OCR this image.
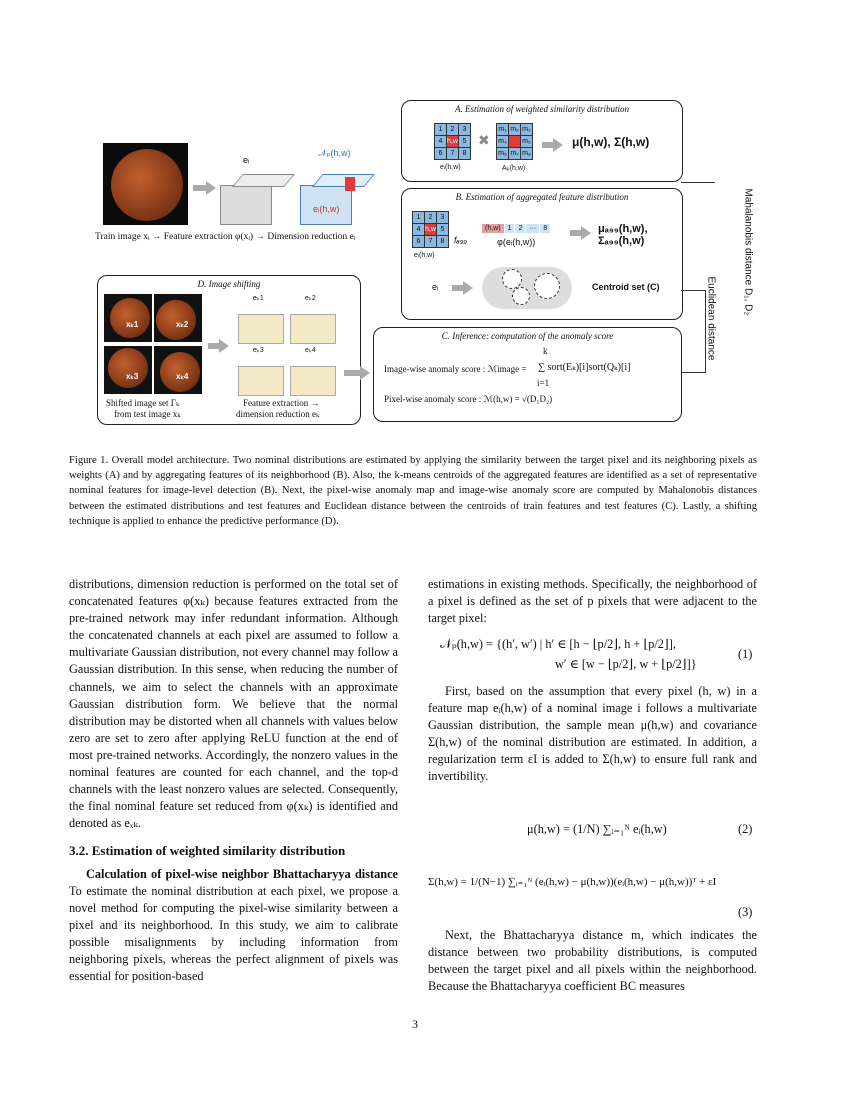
eᵢ
𝒩ₚ(h,w)
eᵢ(h,w)
Train image xᵢ → Feature extraction φ(xᵢ) → Dimension reduction eᵢ
A. Estimation of weighted similarity distribution
1	2	3
4 h,w 5
6	7	8
✖
m₁ m₂ m₃
m₄ m₅
m₆ m₇ m₈
eᵢ(h,w)	Aₚ(h,w)
μ(h,w), Σ(h,w)
B. Estimation of aggregated feature distribution
1	2	3
4 h,w 5
6	7	8
eᵢ(h,w)
fₐ₉₉
(h,w)	1	2	···	8
φ(eᵢ(h,w))
μₐ₉₉(h,w), Σₐ₉₉(h,w)
eᵢ	Centroid set (C)	Mahalanobis distance D₁, D₂
Euclidean distance
D. Image shifting
xₖ1	xₖ2
xₖ3	xₖ4
Shifted image set Γₖ
from test image xₖ
eₖ1	eₖ2
eₖ3	eₖ4
Feature extraction →
dimension reduction eₖ
C. Inference: computation of the anomaly score
Image-wise anomaly score : ℳimage =
k
∑ sort(Eₖ)[i]sort(Qₖ)[i]
i=1
Pixel-wise anomaly score : ℳ(h,w) = √(D₁D₂)
Figure 1. Overall model architecture. Two nominal distributions are estimated by applying the similarity between the target pixel and its neighboring pixels as weights (A) and by aggregating features of its neighborhood (B). Also, the k-means centroids of the aggregated features are identified as a set of representative nominal features for image-level detection (B). Next, the pixel-wise anomaly map and image-wise anomaly score are computed by Mahalonobis distances between the estimated distributions and test features and Euclidean distance between the centroids of train features and test features (C). Lastly, a shifting technique is applied to enhance the predictive performance (D).
distributions, dimension reduction is performed on the total set of concatenated features φ(xₖ) because features extracted from the pre-trained network may infer redundant information. Although the concatenated channels at each pixel are assumed to follow a multivariate Gaussian distribution, not every channel may follow a Gaussian distribution. In this sense, when reducing the number of channels, we aim to select the channels with an approximate Gaussian distribution form. We believe that the normal distribution may be distorted when all channels with values below zero are set to zero after applying ReLU function at the end of most pre-trained networks. Accordingly, the nonzero values in the nominal features are counted for each channel, and the top-d channels with the least nonzero values are selected. Consequently, the final nominal feature set reduced from φ(xₖ) is identified and denoted as eₓₖ.
3.2. Estimation of weighted similarity distribution
Calculation of pixel-wise neighbor Bhattacharyya distance To estimate the nominal distribution at each pixel, we propose a novel method for computing the pixel-wise similarity between a pixel and its neighborhood. In this study, we aim to calibrate possible misalignments by including information from neighboring pixels, whereas the perfect alignment of pixels was essential for position-based
estimations in existing methods. Specifically, the neighborhood of a pixel is defined as the set of p pixels that were adjacent to the target pixel:
𝒩ₚ(h,w) = {(h′, w′) | h′ ∈ [h − ⌊p/2⌋, h + ⌊p/2⌋],
w′ ∈ [w − ⌊p/2⌋, w + ⌊p/2⌋]}
(1)
First, based on the assumption that every pixel (h, w) in a feature map eᵢ(h,w) of a nominal image i follows a multivariate Gaussian distribution, the sample mean μ(h,w) and covariance Σ(h,w) of the nominal distribution are estimated. In addition, a regularization term εI is added to Σ(h,w) to ensure full rank and invertibility.
μ(h,w) = (1/N) ∑ᵢ₌₁ᴺ eᵢ(h,w)	(2)
Σ(h,w) = 1/(N−1) ∑ᵢ₌₁ᴺ (eᵢ(h,w) − μ(h,w))(eᵢ(h,w) − μ(h,w))ᵀ + εI
(3)
Next, the Bhattacharyya distance m, which indicates the distance between two probability distributions, is computed between the target pixel and all pixels within the neighborhood. Because the Bhattacharyya coefficient BC measures
3
